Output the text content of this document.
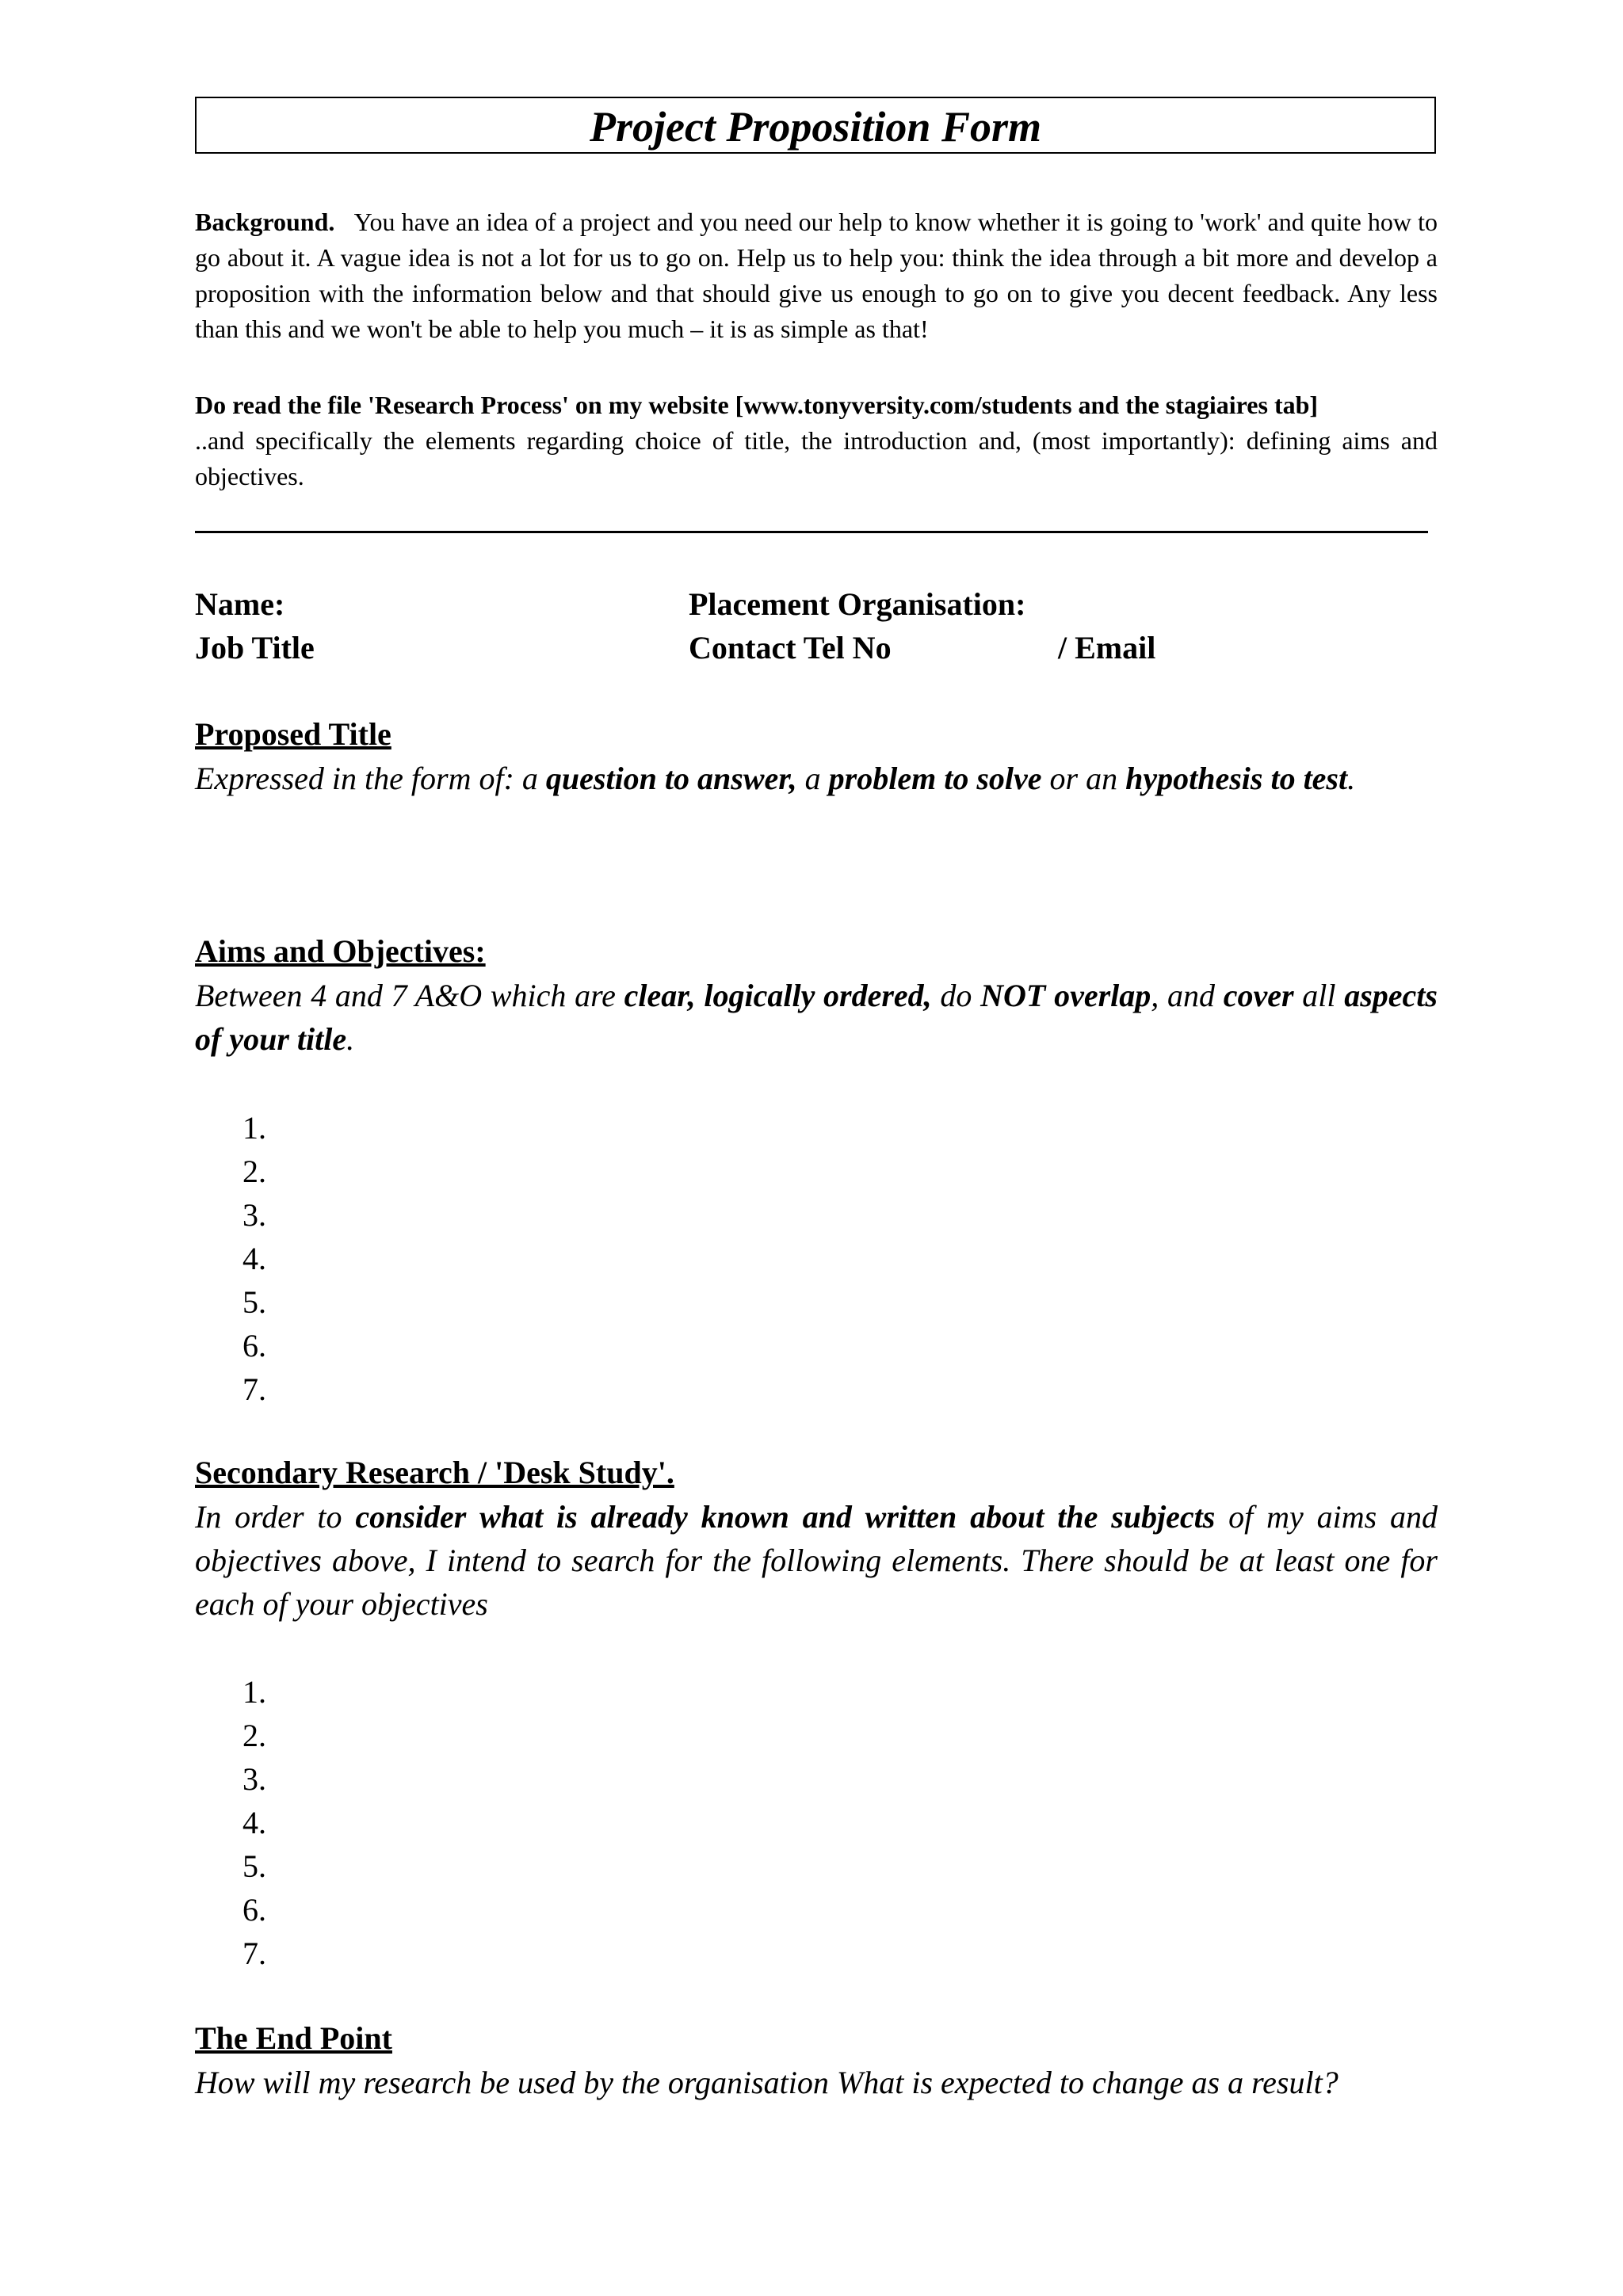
Project Proposition Form
Background. You have an idea of a project and you need our help to know whether it is going to 'work' and quite how to go about it. A vague idea is not a lot for us to go on. Help us to help you: think the idea through a bit more and develop a proposition with the information below and that should give us enough to go on to give you decent feedback. Any less than this and we won't be able to help you much – it is as simple as that!
Do read the file 'Research Process' on my website [www.tonyversity.com/students and the stagiaires tab]
..and specifically the elements regarding choice of title, the introduction and, (most importantly): defining aims and objectives.
Name:	Placement Organisation:
Job Title	Contact Tel No	/ Email
Proposed Title
Expressed in the form of: a question to answer, a problem to solve or an hypothesis to test.
Aims and Objectives:
Between 4 and 7 A&O which are clear, logically ordered, do NOT overlap, and cover all aspects of your title.
1.
2.
3.
4.
5.
6.
7.
Secondary Research / 'Desk Study'.
In order to consider what is already known and written about the subjects of my aims and objectives above, I intend to search for the following elements. There should be at least one for each of your objectives
1.
2.
3.
4.
5.
6.
7.
The End Point
How will my research be used by the organisation What is expected to change as a result?
